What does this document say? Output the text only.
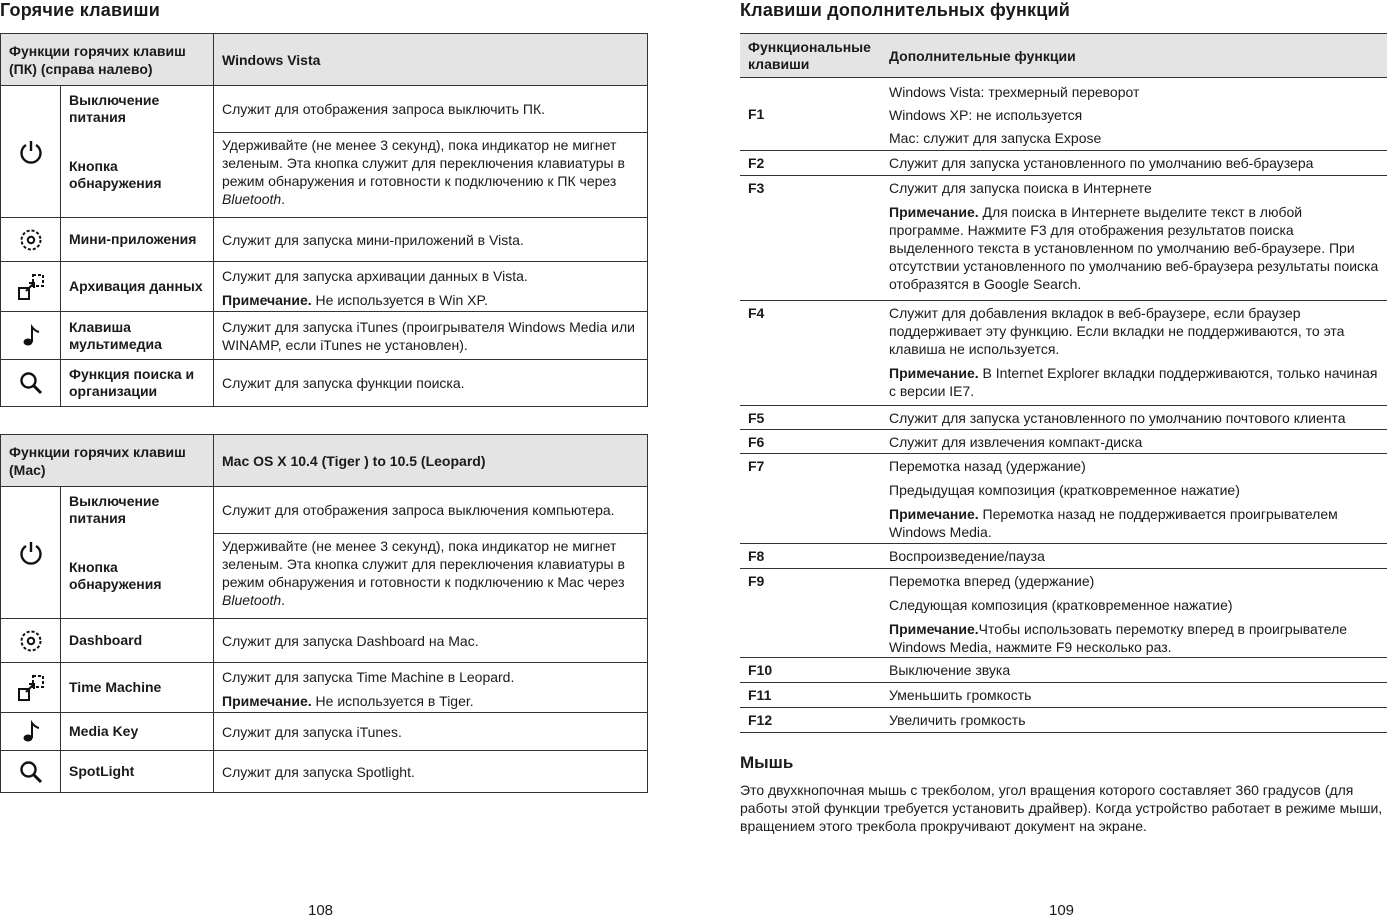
Горячие клавиши
Функции горячих клавиш (ПК) (справа налево)		Windows Vista

	Выключение питания	Служит для отображения запроса выключить ПК.
	Кнопка обнаружения	Удерживайте (не менее 3 секунд), пока индикатор не мигнет зеленым. Эта кнопка служит для переключения клавиатуры в режим обнаружения и готовности к подключению к ПК через Bluetooth.

	Мини-приложения	Служит для запуска мини-приложений в Vista.

	Архивация данных	Служит для запуска архивации данных в Vista.
Примечание. Не используется в Win XP.

	Клавиша мультимедиа	Служит для запуска iTunes (проигрывателя Windows Media или WINAMP, если iTunes не установлен).

	Функция поиска и организации	Служит для запуска функции поиска.
Функции горячих клавиш (Mac)		Mac OS X 10.4 (Tiger ) to 10.5 (Leopard)

	Выключение питания	Служит для отображения запроса выключения компьютера.
	Кнопка обнаружения	Удерживайте (не менее 3 секунд), пока индикатор не мигнет зеленым. Эта кнопка служит для переключения клавиатуры в режим обнаружения и готовности к подключению к Mac через Bluetooth.

	Dashboard	Служит для запуска Dashboard на Mac.

	Time Machine	Служит для запуска Time Machine в Leopard.
Примечание. Не используется в Tiger.

	Media Key	Служит для запуска iTunes.

	SpotLight	Служит для запуска Spotlight.
108
Клавиши дополнительных функций
Функциональные клавиши	Дополнительные функции
F1	Windows Vista: трехмерный переворот
Windows XP: не используется
Mac: служит для запуска Expose

F2	Служит для запуска установленного по умолчанию веб-браузера
F3	Служит для запуска поиска в Интернете
Примечание. Для поиска в Интернете выделите текст в любой программе. Нажмите F3 для отображения результатов поиска выделенного текста в установленном по умолчанию веб-браузере. При отсутствии установленного по умолчанию веб-браузера результаты поиска отобразятся в Google Search.

F4	Служит для добавления вкладок в веб-браузере, если браузер поддерживает эту функцию. Если вкладки не поддерживаются, то эта клавиша не используется.
Примечание. В Internet Explorer вкладки поддерживаются, только начиная с версии IE7.

F5	Служит для запуска установленного по умолчанию почтового клиента
F6	Служит для извлечения компакт-диска
F7	Перемотка назад (удержание)
Предыдущая композиция (кратковременное нажатие)
Примечание. Перемотка назад не поддерживается проигрывателем Windows Media.

F8	Воспроизведение/пауза
F9	Перемотка вперед (удержание)
Следующая композиция (кратковременное нажатие)
Примечание.Чтобы использовать перемотку вперед в проигрывателе Windows Media, нажмите F9 несколько раз.

F10	Выключение звука
F11	Уменьшить громкость
F12	Увеличить громкость
Мышь
Это двухкнопочная мышь с трекболом, угол вращения которого составляет 360 градусов (для работы этой функции требуется установить драйвер). Когда устройство работает в режиме мыши, вращением этого трекбола прокручивают документ на экране.
109
